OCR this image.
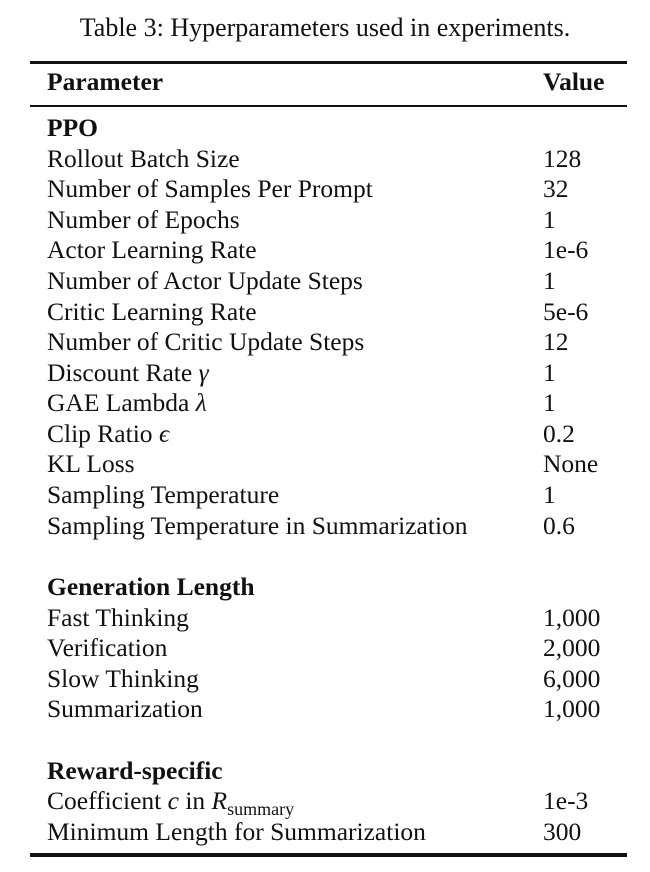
Table 3: Hyperparameters used in experiments.
Parameter	Value
PPO
Rollout Batch Size	128
Number of Samples Per Prompt	32
Number of Epochs	1
Actor Learning Rate	1e-6
Number of Actor Update Steps	1
Critic Learning Rate	5e-6
Number of Critic Update Steps	12
Discount Rate γ	1
GAE Lambda λ	1
Clip Ratio ϵ	0.2
KL Loss	None
Sampling Temperature	1
Sampling Temperature in Summarization	0.6
Generation Length
Fast Thinking	1,000
Verification	2,000
Slow Thinking	6,000
Summarization	1,000
Reward-specific
Coefficient c in $R_{summary}$	1e-3
Minimum Length for Summarization	300
